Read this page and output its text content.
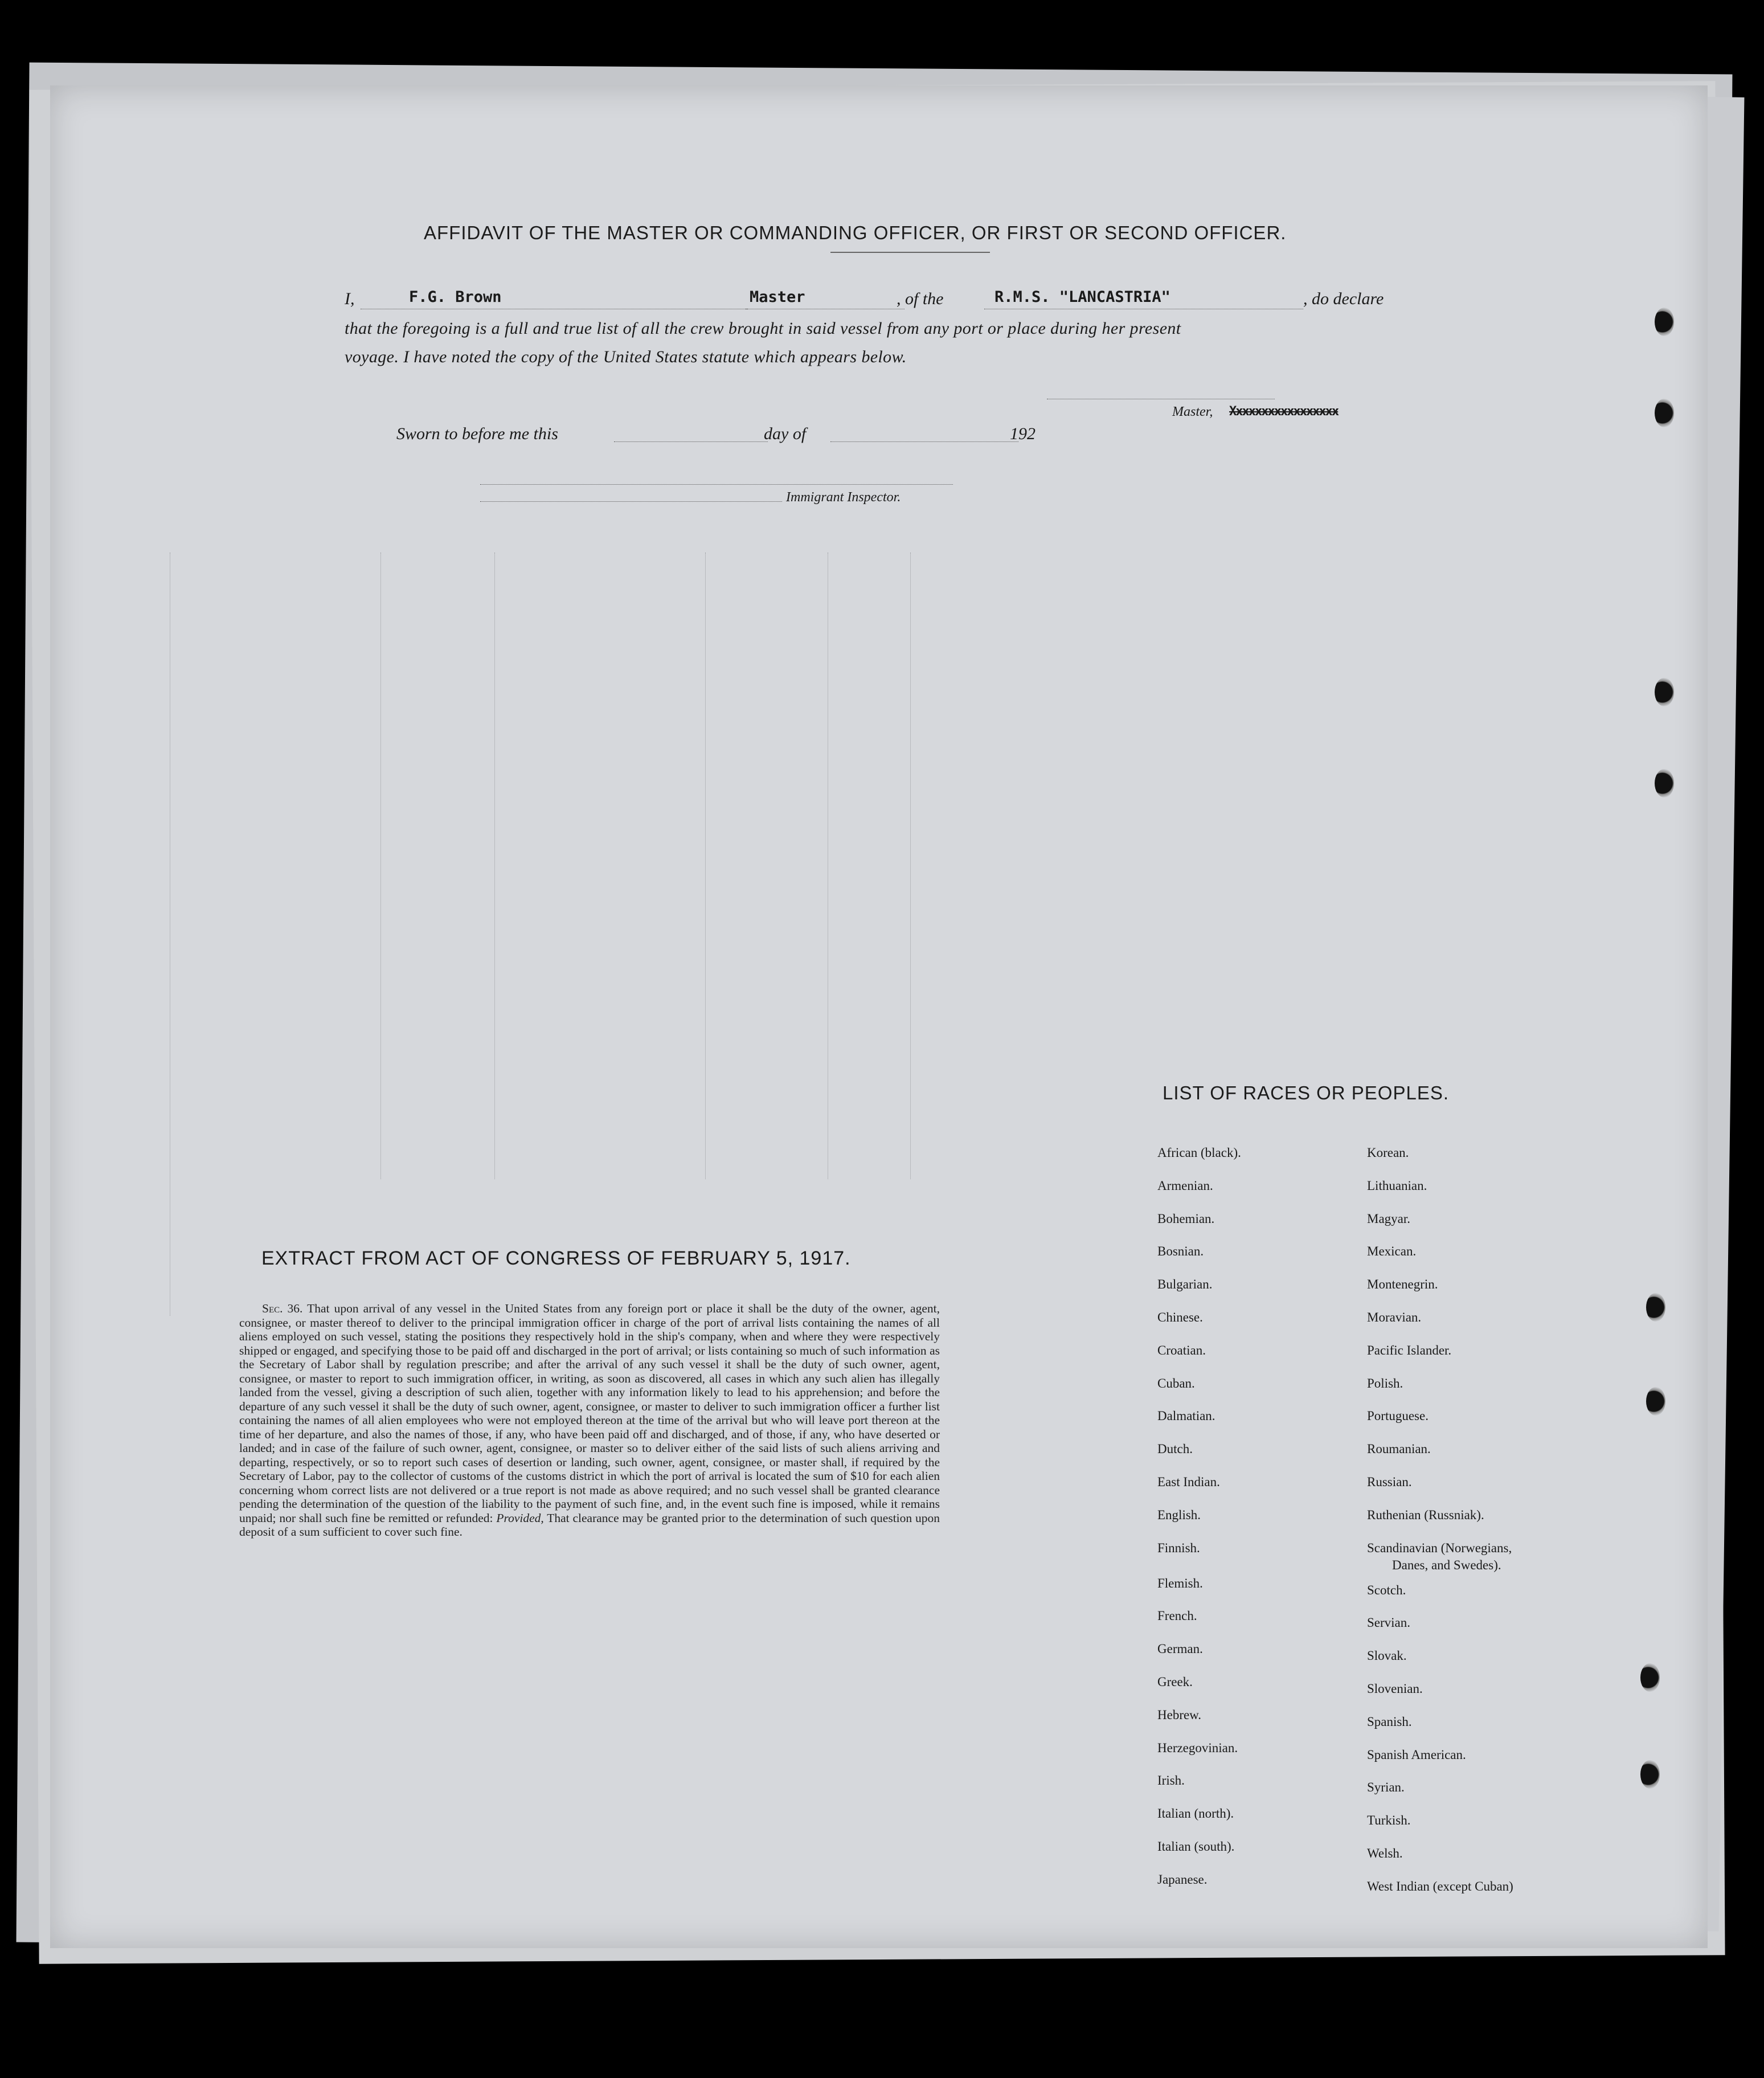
AFFIDAVIT OF THE MASTER OR COMMANDING OFFICER, OR FIRST OR SECOND OFFICER.
I,	F.G. Brown	Master	, of the	R.M.S. "LANCASTRIA"	, do declare
that the foregoing is a full and true list of all the crew brought in said vessel from any port or place during her present
voyage. I have noted the copy of the United States statute which appears below.
Master, Xxxxxxxxxxxxxxxxx
Sworn to before me this	day of	192
Immigrant Inspector.
EXTRACT FROM ACT OF CONGRESS OF FEBRUARY 5, 1917.
Sec. 36. That upon arrival of any vessel in the United States from any foreign port or place it shall be the duty of the owner, agent, consignee, or master thereof to deliver to the principal immigration officer in charge of the port of arrival lists containing the names of all aliens employed on such vessel, stating the positions they respectively hold in the ship's company, when and where they were respectively shipped or engaged, and specifying those to be paid off and discharged in the port of arrival; or lists containing so much of such information as the Secretary of Labor shall by regulation prescribe; and after the arrival of any such vessel it shall be the duty of such owner, agent, consignee, or master to report to such immigration officer, in writing, as soon as discovered, all cases in which any such alien has illegally landed from the vessel, giving a description of such alien, together with any information likely to lead to his apprehension; and before the departure of any such vessel it shall be the duty of such owner, agent, consignee, or master to deliver to such immigration officer a further list containing the names of all alien employees who were not employed thereon at the time of the arrival but who will leave port thereon at the time of her departure, and also the names of those, if any, who have been paid off and discharged, and of those, if any, who have deserted or landed; and in case of the failure of such owner, agent, consignee, or master so to deliver either of the said lists of such aliens arriving and departing, respectively, or so to report such cases of desertion or landing, such owner, agent, consignee, or master shall, if required by the Secretary of Labor, pay to the collector of customs of the customs district in which the port of arrival is located the sum of $10 for each alien concerning whom correct lists are not delivered or a true report is not made as above required; and no such vessel shall be granted clearance pending the determination of the question of the liability to the payment of such fine, and, in the event such fine is imposed, while it remains unpaid; nor shall such fine be remitted or refunded: Provided, That clearance may be granted prior to the determination of such question upon deposit of a sum sufficient to cover such fine.
LIST OF RACES OR PEOPLES.
African (black).
Armenian.
Bohemian.
Bosnian.
Bulgarian.
Chinese.
Croatian.
Cuban.
Dalmatian.
Dutch.
East Indian.
English.
Finnish.
Flemish.
French.
German.
Greek.
Hebrew.
Herzegovinian.
Irish.
Italian (north).
Italian (south).
Japanese.
Korean.
Lithuanian.
Magyar.
Mexican.
Montenegrin.
Moravian.
Pacific Islander.
Polish.
Portuguese.
Roumanian.
Russian.
Ruthenian (Russniak).
Scandinavian (Norwegians,
Danes, and Swedes).
Scotch.
Servian.
Slovak.
Slovenian.
Spanish.
Spanish American.
Syrian.
Turkish.
Welsh.
West Indian (except Cuban)
